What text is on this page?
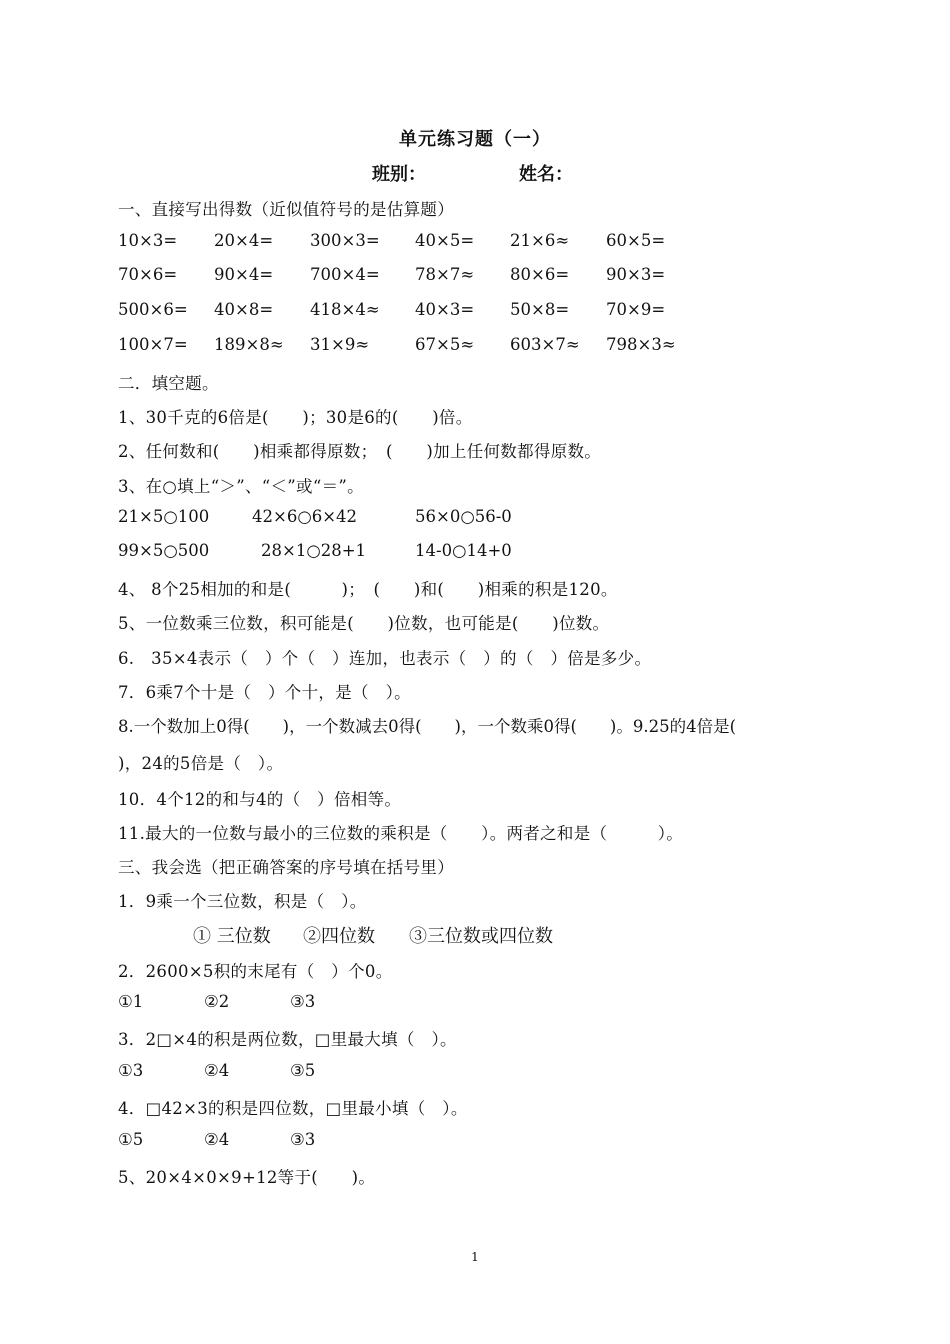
单元练习题（一）
班别：	姓名：
一、直接写出得数（近似值符号的是估算题）
10×3= 20×4= 300×3= 40×5= 21×6≈ 60×5=
70×6= 90×4= 700×4= 78×7≈ 80×6= 90×3=
500×6= 40×8= 418×4≈ 40×3= 50×8= 70×9=
100×7= 189×8≈ 31×9≈	67×5≈ 603×7≈ 798×3≈
二．填空题。
1、30千克的6倍是(　　)；30是6的(　　)倍。
2、任何数和(　　)相乘都得原数；　(　　)加上任何数都得原数。
3、在○填上“＞”、“＜”或“＝”。
21×5○100	42×6○6×42	56×0○56-0
99×5○500	28×1○28+1	14-0○14+0
4、 8个25相加的和是(　　　)；　(　　)和(　　)相乘的积是120。
5、一位数乘三位数，积可能是(　　)位数，也可能是(　　)位数。
6.　35×4表示（　）个（　）连加，也表示（　）的（　）倍是多少。
7．6乘7个十是（　）个十，是（　）。
8.一个数加上0得(　　)，一个数减去0得(　　)，一个数乘0得(　　)。9.25的4倍是(
)，24的5倍是（　）。
10．4个12的和与4的（　）倍相等。
11.最大的一位数与最小的三位数的乘积是（　　）。两者之和是（　　　）。
三、我会选（把正确答案的序号填在括号里）
1．9乘一个三位数，积是（　）。
① 三位数 ②四位数 ③三位数或四位数
2．2600×5积的末尾有（　）个0。
①1	②2	③3
3．2□×4的积是两位数，□里最大填（　）。
①3	②4	③5
4．□42×3的积是四位数，□里最小填（　）。
①5	②4	③3
5、20×4×0×9+12等于(　　)。
1
